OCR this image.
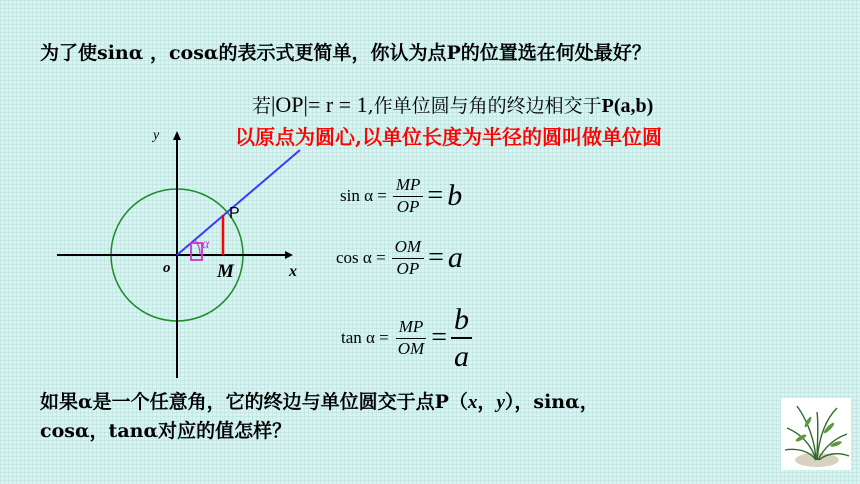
为了使sinα ，cosα的表示式更简单，你认为点P的位置选在何处最好？
若|OP|= r = 1,作单位圆与角的终边相交于P(a,b)
以原点为圆心,以单位长度为半径的圆叫做单位圆
y
x
o
P
M
α
$\sin \alpha = \frac{MP}{OP} = b$
$\cos \alpha = \frac{OM}{OP} = a$
$\tan \alpha = \frac{MP}{OM} = \frac{b}{a}$
如果α是一个任意角，它的终边与单位圆交于点P（x，y），sinα，
cosα，tanα对应的值怎样？
